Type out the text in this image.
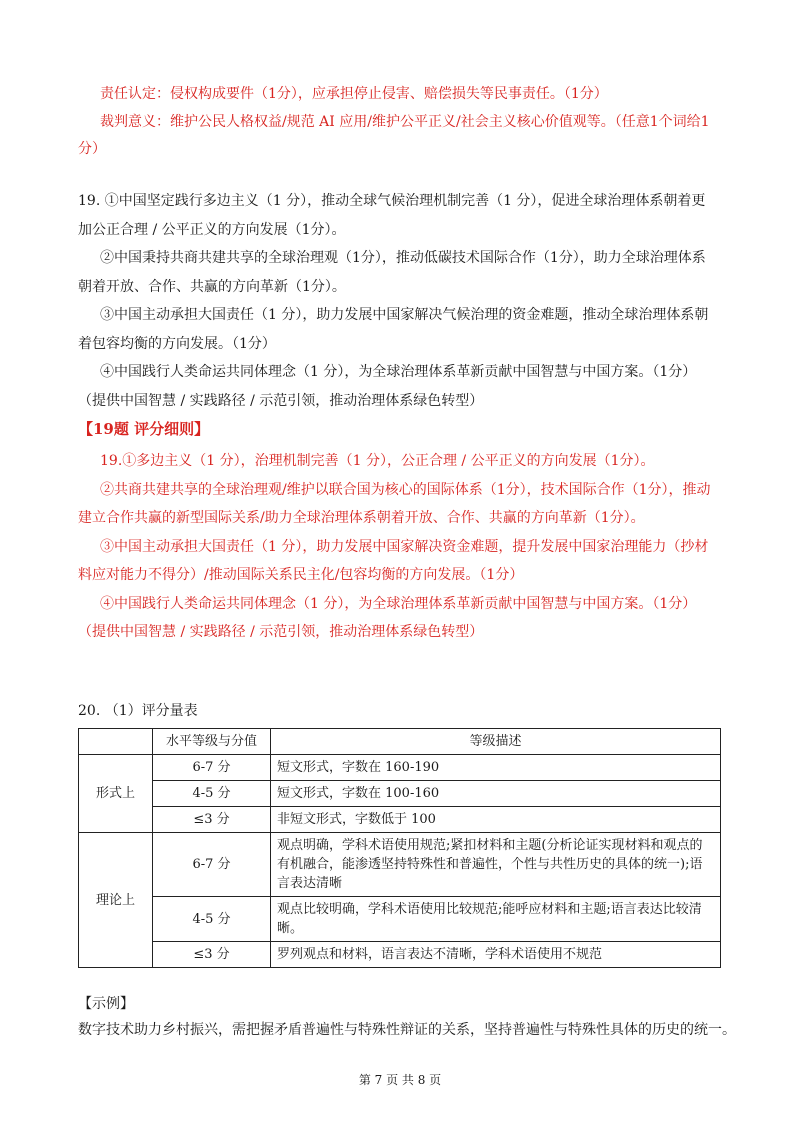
责任认定：侵权构成要件（1分），应承担停止侵害、赔偿损失等民事责任。（1分）
裁判意义：维护公民人格权益/规范 AI 应用/维护公平正义/社会主义核心价值观等。（任意1个词给1
分）
19. ①中国坚定践行多边主义（1 分），推动全球气候治理机制完善（1 分），促进全球治理体系朝着更
加公正合理 / 公平正义的方向发展（1分）。
②中国秉持共商共建共享的全球治理观（1分），推动低碳技术国际合作（1分），助力全球治理体系
朝着开放、合作、共赢的方向革新（1分）。
③中国主动承担大国责任（1 分），助力发展中国家解决气候治理的资金难题，推动全球治理体系朝
着包容均衡的方向发展。（1分）
④中国践行人类命运共同体理念（1 分），为全球治理体系革新贡献中国智慧与中国方案。（1分）
（提供中国智慧 / 实践路径 / 示范引领，推动治理体系绿色转型）
【19题 评分细则】
19.①多边主义（1 分），治理机制完善（1 分），公正合理 / 公平正义的方向发展（1分）。
②共商共建共享的全球治理观/维护以联合国为核心的国际体系（1分），技术国际合作（1分），推动
建立合作共赢的新型国际关系/助力全球治理体系朝着开放、合作、共赢的方向革新（1分）。
③中国主动承担大国责任（1 分），助力发展中国家解决资金难题，提升发展中国家治理能力（抄材
料应对能力不得分）/推动国际关系民主化/包容均衡的方向发展。（1分）
④中国践行人类命运共同体理念（1 分），为全球治理体系革新贡献中国智慧与中国方案。（1分）
（提供中国智慧 / 实践路径 / 示范引领，推动治理体系绿色转型）
20. （1）评分量表
	水平等级与分值	等级描述
形式上	6-7 分	短文形式，字数在 160-190
	4-5 分	短文形式，字数在 100-160
	≤3 分	非短文形式，字数低于 100
理论上	6-7 分	观点明确，学科术语使用规范;紧扣材料和主题(分析论证实现材料和观点的有机融合，能渗透坚持特殊性和普遍性，个性与共性历史的具体的统一);语言表达清晰
	4-5 分	观点比较明确，学科术语使用比较规范;能呼应材料和主题;语言表达比较清晰。
	≤3 分	罗列观点和材料，语言表达不清晰，学科术语使用不规范
【示例】
数字技术助力乡村振兴，需把握矛盾普遍性与特殊性辩证的关系，坚持普遍性与特殊性具体的历史的统一。
第 7 页 共 8 页
